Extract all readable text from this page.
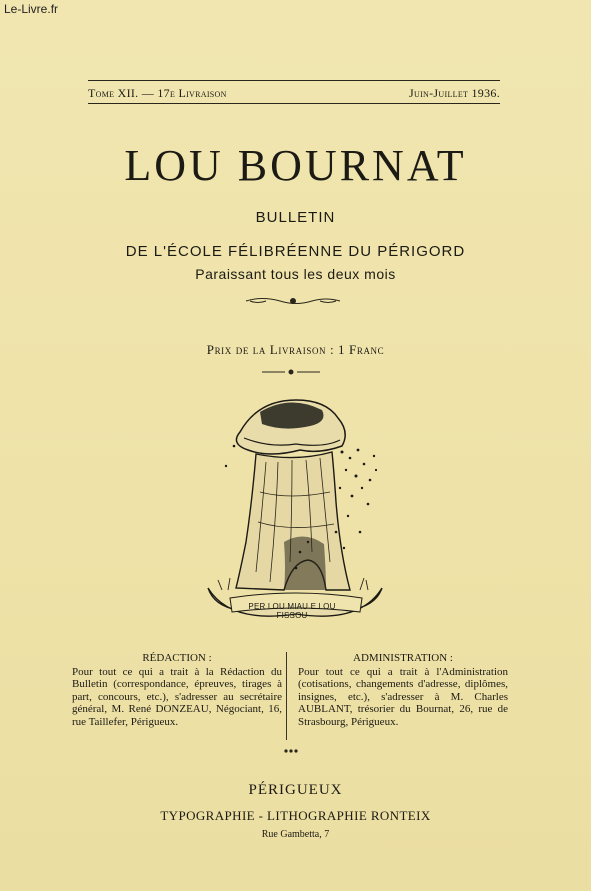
Le-Livre.fr
Tome XII. — 17e Livraison	Juin-Juillet 1936.
LOU BOURNAT
BULLETIN
DE L'ÉCOLE FÉLIBRÉENNE DU PÉRIGORD
Paraissant tous les deux mois
Prix de la Livraison : 1 Franc
PER LOU MIAU E LOU FISSOU
RÉDACTION :

Pour tout ce qui a trait à la Rédaction du Bulletin (correspondance, épreuves, tirages à part, concours, etc.), s'adresser au secrétaire général, M. René DONZEAU, Négociant, 16, rue Taillefer, Périgueux.

ADMINISTRATION :

Pour tout ce qui a trait à l'Administration (cotisations, changements d'adresse, diplômes, insignes, etc.), s'adresser à M. Charles AUBLANT, trésorier du Bournat, 26, rue de Strasbourg, Périgueux.

PÉRIGUEUX
TYPOGRAPHIE - LITHOGRAPHIE RONTEIX
Rue Gambetta, 7
